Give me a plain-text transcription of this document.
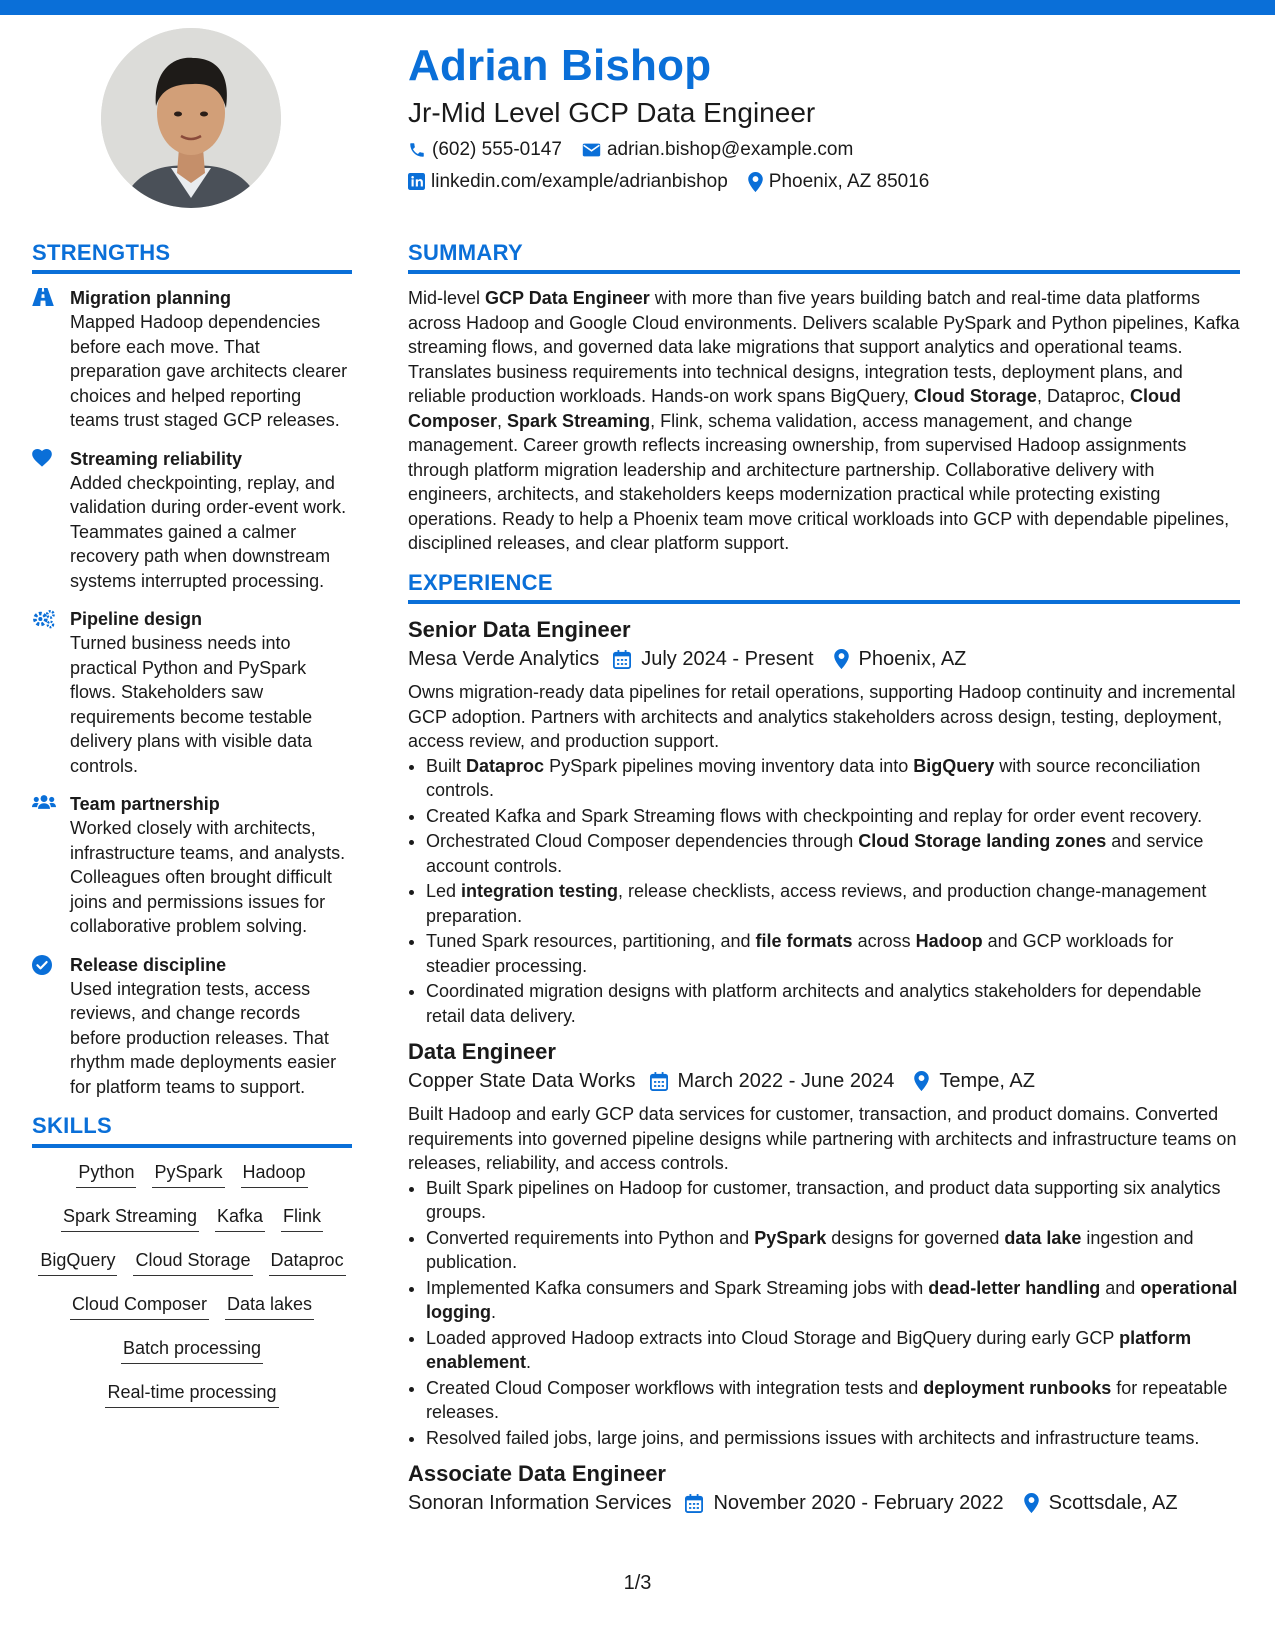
Adrian Bishop
Jr-Mid Level GCP Data Engineer
(602) 555-0147 adrian.bishop@example.com
linkedin.com/example/adrianbishop Phoenix, AZ 85016
STRENGTHS
Migration planning
Mapped Hadoop dependencies before each move. That preparation gave architects clearer choices and helped reporting teams trust staged GCP releases.
Streaming reliability
Added checkpointing, replay, and validation during order-event work. Teammates gained a calmer recovery path when downstream systems interrupted processing.
Pipeline design
Turned business needs into practical Python and PySpark flows. Stakeholders saw requirements become testable delivery plans with visible data controls.
Team partnership
Worked closely with architects, infrastructure teams, and analysts. Colleagues often brought difficult joins and permissions issues for collaborative problem solving.
Release discipline
Used integration tests, access reviews, and change records before production releases. That rhythm made deployments easier for platform teams to support.
SKILLS
Python PySpark Hadoop
Spark Streaming Kafka Flink
BigQuery Cloud Storage Dataproc
Cloud Composer Data lakes
Batch processing
Real-time processing
SUMMARY

Mid-level GCP Data Engineer with more than five years building batch and real-time data platforms across Hadoop and Google Cloud environments. Delivers scalable PySpark and Python pipelines, Kafka streaming flows, and governed data lake migrations that support analytics and operational teams. Translates business requirements into technical designs, integration tests, deployment plans, and reliable production workloads. Hands-on work spans BigQuery, Cloud Storage, Dataproc, Cloud Composer, Spark Streaming, Flink, schema validation, access management, and change management. Career growth reflects increasing ownership, from supervised Hadoop assignments through platform migration leadership and architecture partnership. Collaborative delivery with engineers, architects, and stakeholders keeps modernization practical while protecting existing operations. Ready to help a Phoenix team move critical workloads into GCP with dependable pipelines, disciplined releases, and clear platform support.

EXPERIENCE
Senior Data Engineer
Mesa Verde Analytics July 2024 - Present Phoenix, AZ
Owns migration-ready data pipelines for retail operations, supporting Hadoop continuity and incremental GCP adoption. Partners with architects and analytics stakeholders across design, testing, deployment, access review, and production support.
• Built Dataproc PySpark pipelines moving inventory data into BigQuery with source reconciliation controls.
• Created Kafka and Spark Streaming flows with checkpointing and replay for order event recovery.
• Orchestrated Cloud Composer dependencies through Cloud Storage landing zones and service account controls.
• Led integration testing, release checklists, access reviews, and production change-management preparation.
• Tuned Spark resources, partitioning, and file formats across Hadoop and GCP workloads for steadier processing.
• Coordinated migration designs with platform architects and analytics stakeholders for dependable retail data delivery.
Data Engineer
Copper State Data Works March 2022 - June 2024 Tempe, AZ
Built Hadoop and early GCP data services for customer, transaction, and product domains. Converted requirements into governed pipeline designs while partnering with architects and infrastructure teams on releases, reliability, and access controls.
• Built Spark pipelines on Hadoop for customer, transaction, and product data supporting six analytics groups.
• Converted requirements into Python and PySpark designs for governed data lake ingestion and publication.
• Implemented Kafka consumers and Spark Streaming jobs with dead-letter handling and operational logging.
• Loaded approved Hadoop extracts into Cloud Storage and BigQuery during early GCP platform enablement.
• Created Cloud Composer workflows with integration tests and deployment runbooks for repeatable releases.
• Resolved failed jobs, large joins, and permissions issues with architects and infrastructure teams.
Associate Data Engineer
Sonoran Information Services November 2020 - February 2022 Scottsdale, AZ
1/3
